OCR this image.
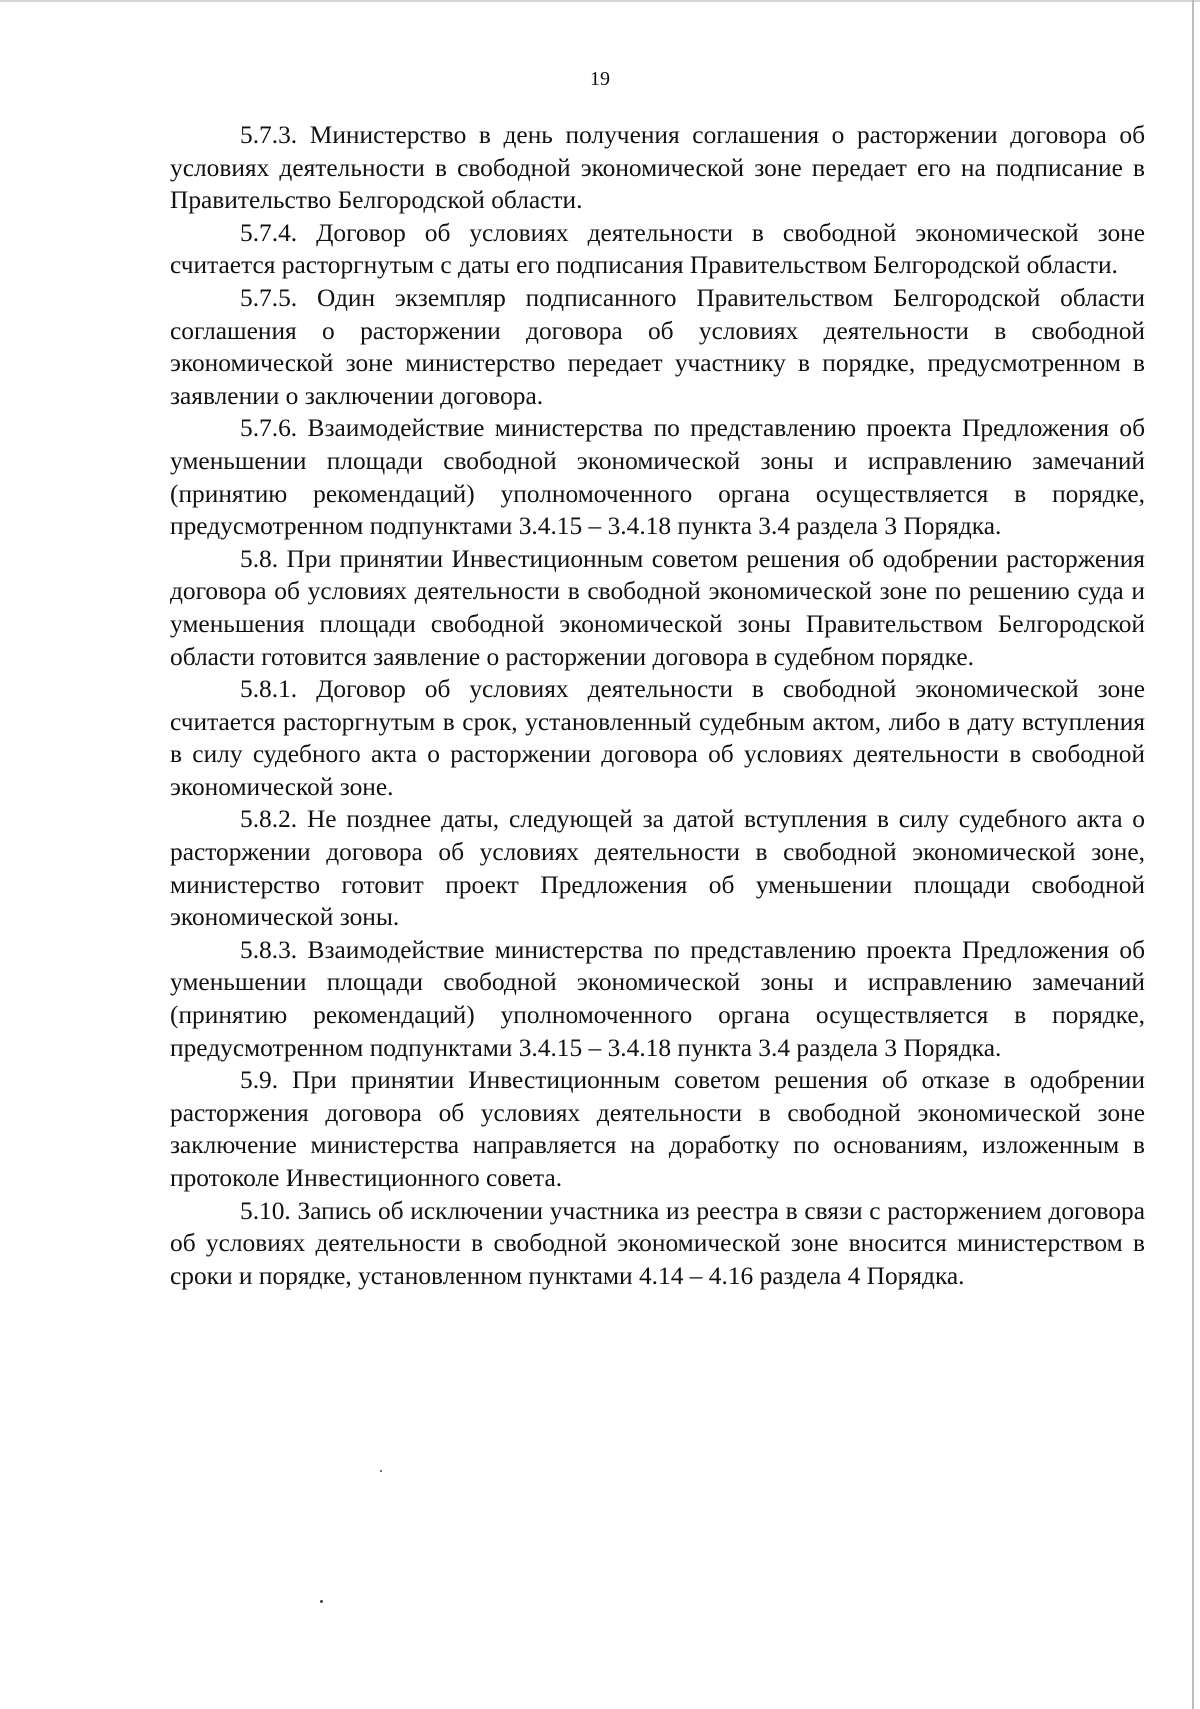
19

5.7.3. Министерство в день получения соглашения о расторжении договора об условиях деятельности в свободной экономической зоне передает его на подписание в Правительство Белгородской области.

5.7.4. Договор об условиях деятельности в свободной экономической зоне считается расторгнутым с даты его подписания Правительством Белгородской области.

5.7.5. Один экземпляр подписанного Правительством Белгородской области соглашения о расторжении договора об условиях деятельности в свободной экономической зоне министерство передает участнику в порядке, предусмотренном в заявлении о заключении договора.

5.7.6. Взаимодействие министерства по представлению проекта Предложения об уменьшении площади свободной экономической зоны и исправлению замечаний (принятию рекомендаций) уполномоченного органа осуществляется в порядке, предусмотренном подпунктами 3.4.15 – 3.4.18 пункта 3.4 раздела 3 Порядка.

5.8. При принятии Инвестиционным советом решения об одобрении расторжения договора об условиях деятельности в свободной экономической зоне по решению суда и уменьшения площади свободной экономической зоны Правительством Белгородской области готовится заявление о расторжении договора в судебном порядке.

5.8.1. Договор об условиях деятельности в свободной экономической зоне считается расторгнутым в срок, установленный судебным актом, либо в дату вступления в силу судебного акта о расторжении договора об условиях деятельности в свободной экономической зоне.

5.8.2. Не позднее даты, следующей за датой вступления в силу судебного акта о расторжении договора об условиях деятельности в свободной экономической зоне, министерство готовит проект Предложения об уменьшении площади свободной экономической зоны.

5.8.3. Взаимодействие министерства по представлению проекта Предложения об уменьшении площади свободной экономической зоны и исправлению замечаний (принятию рекомендаций) уполномоченного органа осуществляется в порядке, предусмотренном подпунктами 3.4.15 – 3.4.18 пункта 3.4 раздела 3 Порядка.

5.9. При принятии Инвестиционным советом решения об отказе в одобрении расторжения договора об условиях деятельности в свободной экономической зоне заключение министерства направляется на доработку по основаниям, изложенным в протоколе Инвестиционного совета.

5.10. Запись об исключении участника из реестра в связи с расторжением договора об условиях деятельности в свободной экономической зоне вносится министерством в сроки и порядке, установленном пунктами 4.14 – 4.16 раздела 4 Порядка.
